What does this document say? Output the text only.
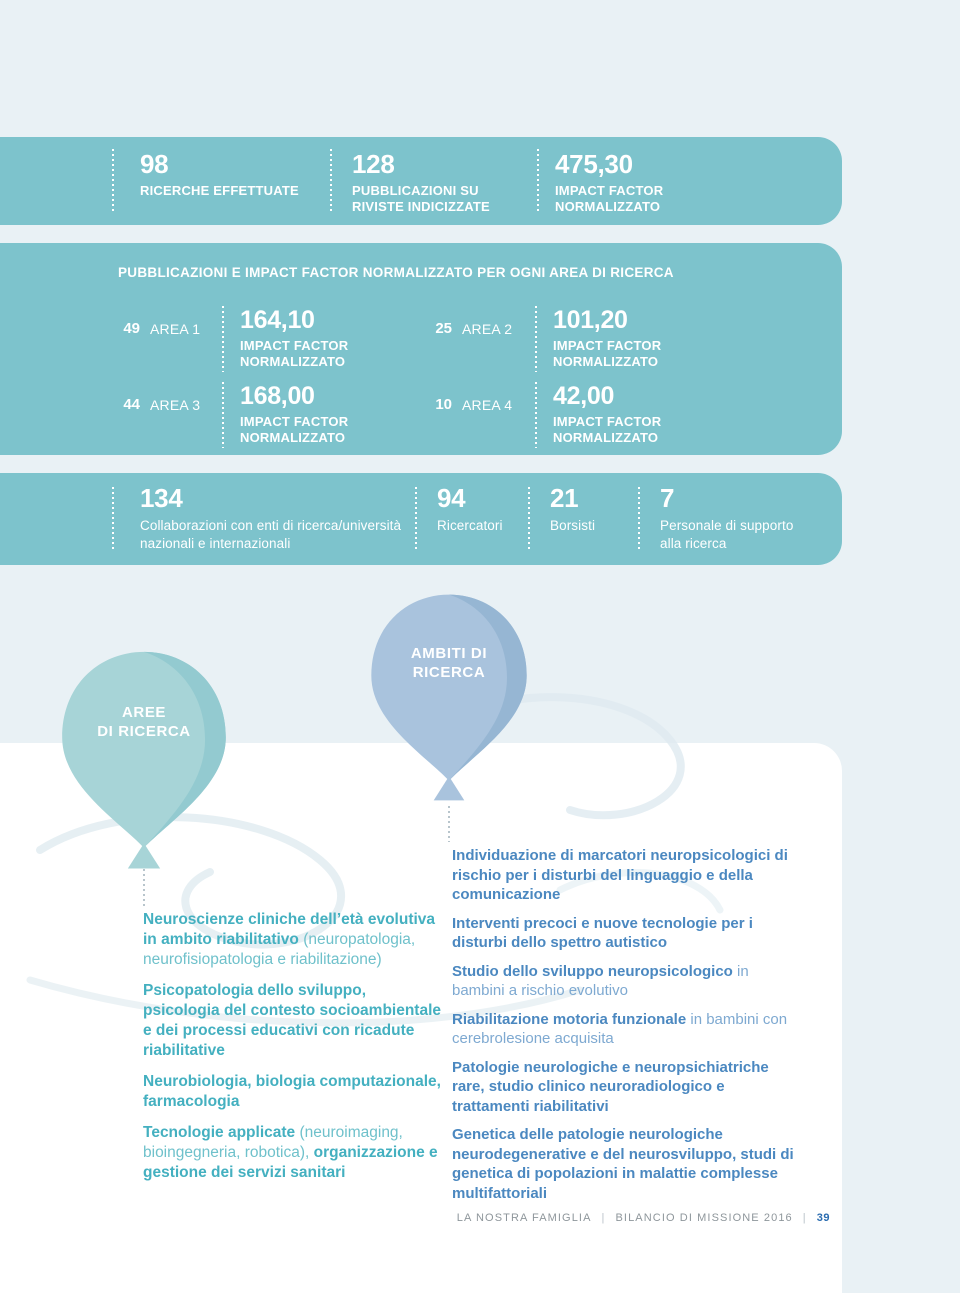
98
RICERCHE EFFETTUATE
128
PUBBLICAZIONI SU RIVISTE INDICIZZATE
475,30
IMPACT FACTOR NORMALIZZATO
PUBBLICAZIONI E IMPACT FACTOR NORMALIZZATO PER OGNI AREA DI RICERCA
49 AREA 1 164,10
IMPACT FACTOR NORMALIZZATO
25 AREA 2 101,20
IMPACT FACTOR NORMALIZZATO
44 AREA 3 168,00
IMPACT FACTOR NORMALIZZATO
10 AREA 4 42,00
IMPACT FACTOR NORMALIZZATO
134
Collaborazioni con enti di ricerca/università nazionali e internazionali
94
Ricercatori
21
Borsisti
7
Personale di supporto alla ricerca
AREE
DI RICERCA
AMBITI DI
RICERCA

Neuroscienze cliniche dell’età evolutiva in ambito riabilitativo (neuropatologia, neurofisiopatologia e riabilitazione)

Psicopatologia dello sviluppo, psicologia del contesto socioambientale e dei processi educativi con ricadute riabilitative

Neurobiologia, biologia computazionale, farmacologia

Tecnologie applicate (neuroimaging, bioingegneria, robotica), organizzazione e gestione dei servizi sanitari

Individuazione di marcatori neuropsicologici di rischio per i disturbi del linguaggio e della comunicazione

Interventi precoci e nuove tecnologie per i disturbi dello spettro autistico

Studio dello sviluppo neuropsicologico in bambini a rischio evolutivo

Riabilitazione motoria funzionale in bambini con cerebrolesione acquisita

Patologie neurologiche e neuropsichiatriche rare, studio clinico neuroradiologico e trattamenti riabilitativi

Genetica delle patologie neurologiche neurodegenerative e del neurosviluppo, studi di genetica di popolazioni in malattie complesse multifattoriali

LA NOSTRA FAMIGLIA | BILANCIO DI MISSIONE 2016 | 39
